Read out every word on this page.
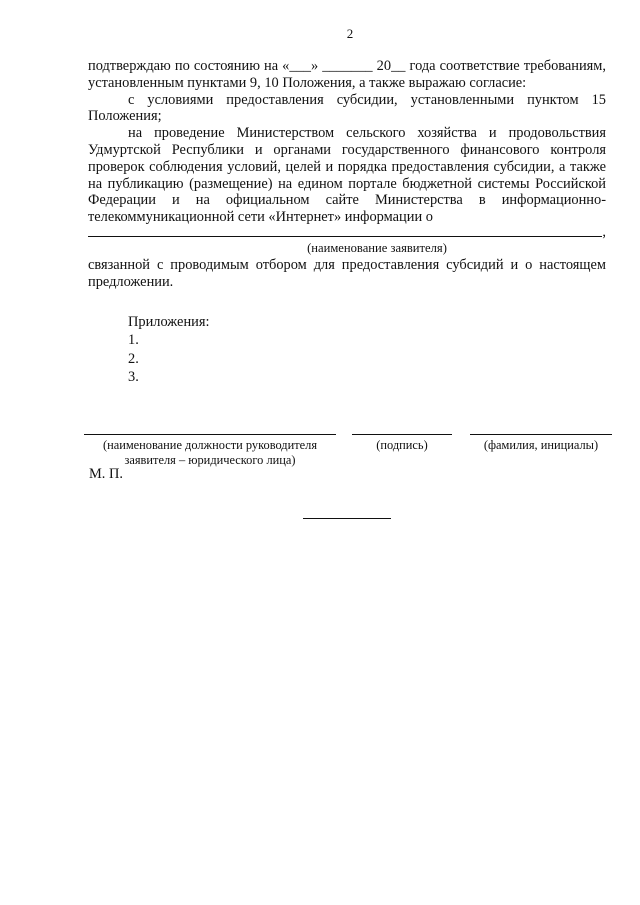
2

подтверждаю по состоянию на «___» _______ 20__ года соответствие требованиям, установленным пунктами 9, 10 Положения, а также выражаю согласие:

с условиями предоставления субсидии, установленными пунктом 15 Положения;

на проведение Министерством сельского хозяйства и продовольствия Удмуртской Республики и органами государственного финансового контроля проверок соблюдения условий, целей и порядка предоставления субсидии, а также на публикацию (размещение) на едином портале бюджетной системы Российской Федерации и на официальном сайте Министерства в информационно-телекоммуникационной сети «Интернет» информации о

,
(наименование заявителя)

связанной с проводимым отбором для предоставления субсидий и о настоящем предложении.

Приложения:
1.
2.
3.
(наименование должности руководителя
заявителя – юридического лица)
(подпись)	(фамилия, инициалы)
М. П.
